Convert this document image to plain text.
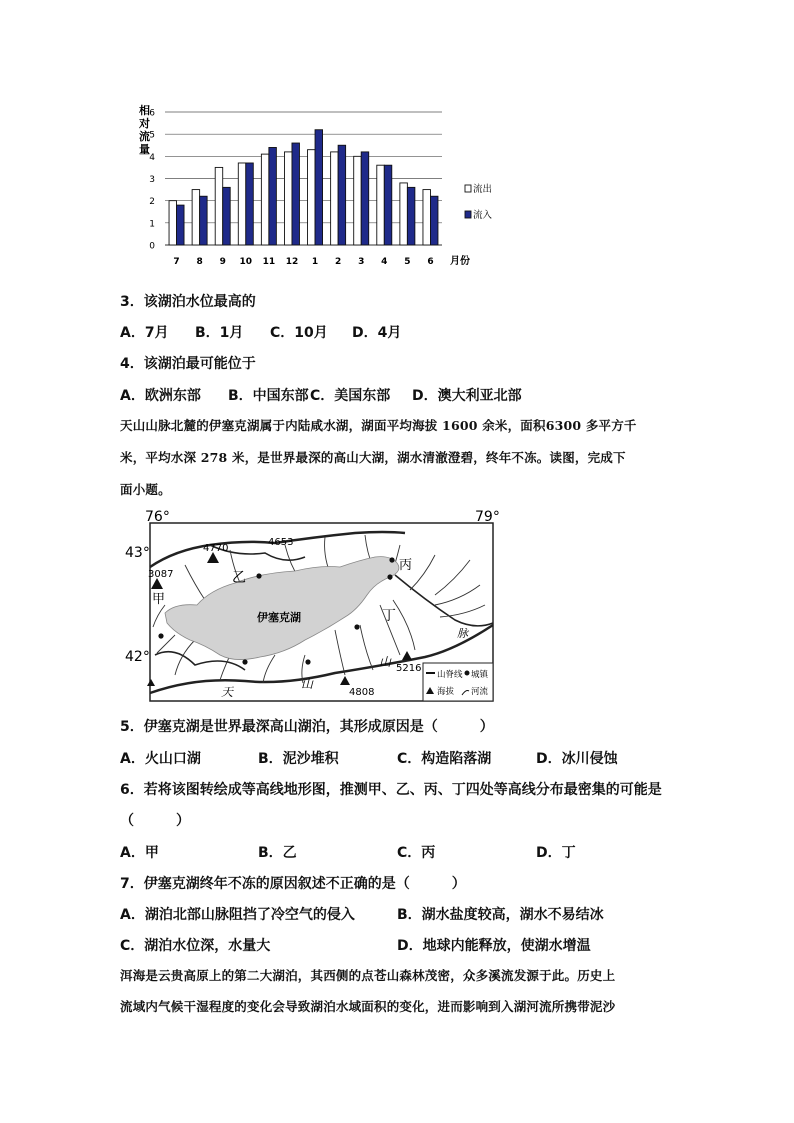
0
1
2
3
4
5
6
7 8 9 10 11 12 1 2 3 4 5 6
相对流量
月份
流出
流入
3．该湖泊水位最高的
A．7月 B．1月 C．10月 D．4月
4．该湖泊最可能位于
A．欧洲东部 B．中国东部 C．美国东部 D．澳大利亚北部
天山山脉北麓的伊塞克湖属于内陆咸水湖，湖面平均海拔 1600 余米，面积6300 多平方千
米，平均水深 278 米，是世界最深的高山大湖，湖水清澈澄碧，终年不冻。读图，完成下
面小题。
76°	79°
43°
42°
4770
4653
3087
5216
4808
甲
乙
丙
丁
伊塞克湖
天
山
山
脉
山脊线 城镇
海拔 河流
5．伊塞克湖是世界最深高山湖泊，其形成原因是（　　　）
A．火山口湖	B．泥沙堆积	C．构造陷落湖	D．冰川侵蚀
6．若将该图转绘成等高线地形图，推测甲、乙、丙、丁四处等高线分布最密集的可能是
（　　　）
A．甲	B．乙	C．丙	D．丁
7．伊塞克湖终年不冻的原因叙述不正确的是（　　　）
A．湖泊北部山脉阻挡了冷空气的侵入	B．湖水盐度较高，湖水不易结冰
C．湖泊水位深，水量大	D．地球内能释放，使湖水增温
洱海是云贵高原上的第二大湖泊，其西侧的点苍山森林茂密，众多溪流发源于此。历史上
流域内气候干湿程度的变化会导致湖泊水域面积的变化，进而影响到入湖河流所携带泥沙
